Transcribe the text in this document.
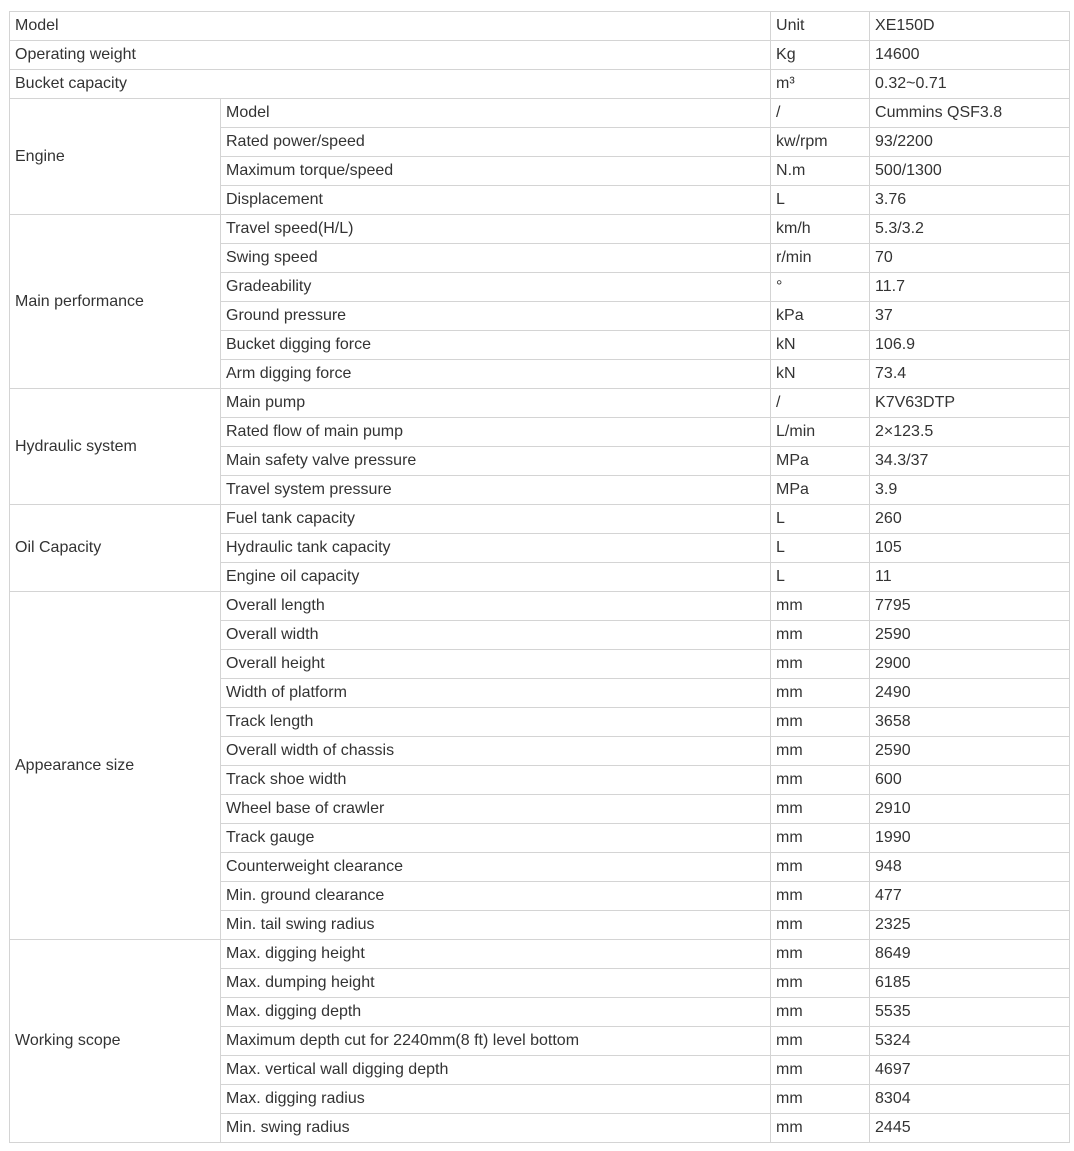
Model		Unit	XE150D
Operating weight		Kg	14600
Bucket capacity		m³	0.32~0.71
Engine	Model	/	Cummins QSF3.8
	Rated power/speed	kw/rpm	93/2200
	Maximum torque/speed	N.m	500/1300
	Displacement	L	3.76
Main performance	Travel speed(H/L)	km/h	5.3/3.2
	Swing speed	r/min	70
	Gradeability	°	11.7
	Ground pressure	kPa	37
	Bucket digging force	kN	106.9
	Arm digging force	kN	73.4
Hydraulic system	Main pump	/	K7V63DTP
	Rated flow of main pump	L/min	2×123.5
	Main safety valve pressure	MPa	34.3/37
	Travel system pressure	MPa	3.9
Oil Capacity	Fuel tank capacity	L	260
	Hydraulic tank capacity	L	105
	Engine oil capacity	L	11
Appearance size	Overall length	mm	7795
	Overall width	mm	2590
	Overall height	mm	2900
	Width of platform	mm	2490
	Track length	mm	3658
	Overall width of chassis	mm	2590
	Track shoe width	mm	600
	Wheel base of crawler	mm	2910
	Track gauge	mm	1990
	Counterweight clearance	mm	948
	Min. ground clearance	mm	477
	Min. tail swing radius	mm	2325
Working scope	Max. digging height	mm	8649
	Max. dumping height	mm	6185
	Max. digging depth	mm	5535
	Maximum depth cut for 2240mm(8 ft) level bottom	mm	5324
	Max. vertical wall digging depth	mm	4697
	Max. digging radius	mm	8304
	Min. swing radius	mm	2445
